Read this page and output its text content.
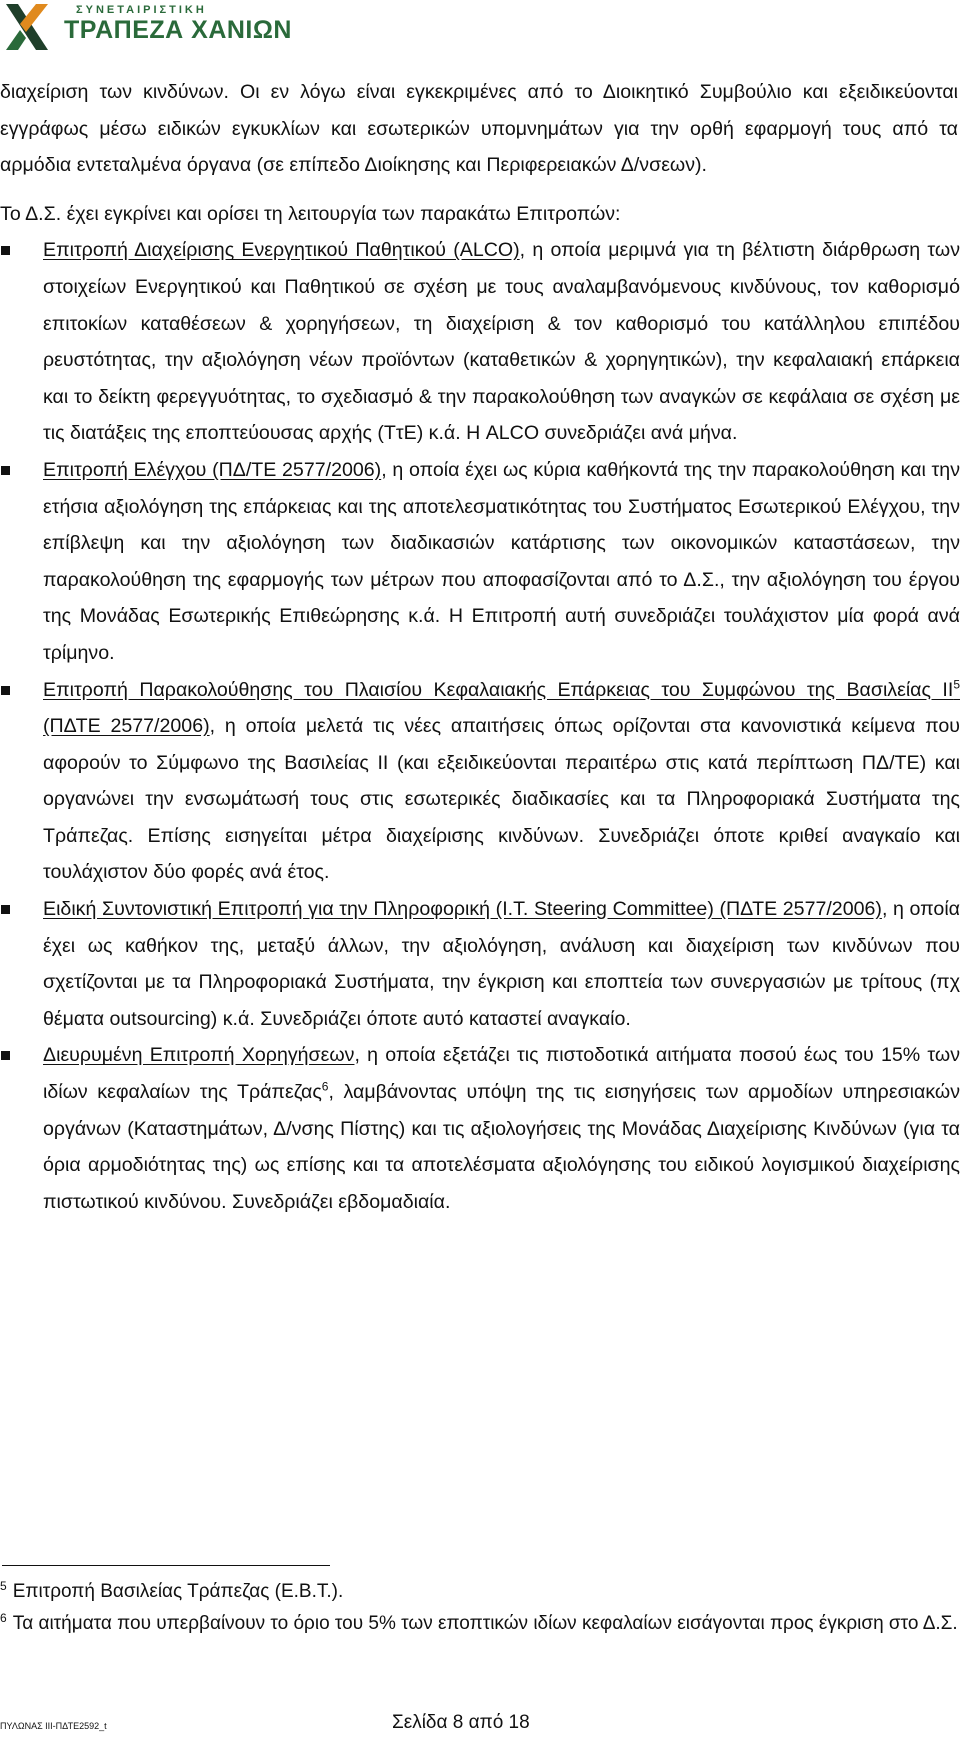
ΣΥΝΕΤΑΙΡΙΣΤΙΚΗ
ΤΡΑΠΕΖΑ ΧΑΝΙΩΝ

διαχείριση των κινδύνων. Οι εν λόγω είναι εγκεκριμένες από το Διοικητικό Συμβούλιο και εξειδικεύονται εγγράφως μέσω ειδικών εγκυκλίων και εσωτερικών υπομνημάτων για την ορθή εφαρμογή τους από τα αρμόδια εντεταλμένα όργανα (σε επίπεδο Διοίκησης και Περιφερειακών Δ/νσεων).

Το Δ.Σ. έχει εγκρίνει και ορίσει τη λειτουργία των παρακάτω Επιτροπών:

Επιτροπή Διαχείρισης Ενεργητικού Παθητικού (ALCO), η οποία μεριμνά για τη βέλτιστη διάρθρωση των στοιχείων Ενεργητικού και Παθητικού σε σχέση με τους αναλαμβανόμενους κινδύνους, τον καθορισμό επιτοκίων καταθέσεων & χορηγήσεων, τη διαχείριση & τον καθορισμό του κατάλληλου επιπέδου ρευστότητας, την αξιολόγηση νέων προϊόντων (καταθετικών & χορηγητικών), την κεφαλαιακή επάρκεια και το δείκτη φερεγγυότητας, το σχεδιασμό & την παρακολούθηση των αναγκών σε κεφάλαια σε σχέση με τις διατάξεις της εποπτεύουσας αρχής (ΤτΕ) κ.ά. Η ALCO συνεδριάζει ανά μήνα.
Επιτροπή Ελέγχου (ΠΔ/ΤΕ 2577/2006), η οποία έχει ως κύρια καθήκοντά της την παρακολούθηση και την ετήσια αξιολόγηση της επάρκειας και της αποτελεσματικότητας του Συστήματος Εσωτερικού Ελέγχου, την επίβλεψη και την αξιολόγηση των διαδικασιών κατάρτισης των οικονομικών καταστάσεων, την παρακολούθηση της εφαρμογής των μέτρων που αποφασίζονται από το Δ.Σ., την αξιολόγηση του έργου της Μονάδας Εσωτερικής Επιθεώρησης κ.ά. Η Επιτροπή αυτή συνεδριάζει τουλάχιστον μία φορά ανά τρίμηνο.
Επιτροπή Παρακολούθησης του Πλαισίου Κεφαλαιακής Επάρκειας του Συμφώνου της Βασιλείας $II^5$ (ΠΔΤΕ 2577/2006), η οποία μελετά τις νέες απαιτήσεις όπως ορίζονται στα κανονιστικά κείμενα που αφορούν το Σύμφωνο της Βασιλείας ΙΙ (και εξειδικεύονται περαιτέρω στις κατά περίπτωση ΠΔ/ΤΕ) και οργανώνει την ενσωμάτωσή τους στις εσωτερικές διαδικασίες και τα Πληροφοριακά Συστήματα της Τράπεζας. Επίσης εισηγείται μέτρα διαχείρισης κινδύνων. Συνεδριάζει όποτε κριθεί αναγκαίο και τουλάχιστον δύο φορές ανά έτος.
Ειδική Συντονιστική Επιτροπή για την Πληροφορική (I.T. Steering Committee) (ΠΔΤΕ 2577/2006), η οποία έχει ως καθήκον της, μεταξύ άλλων, την αξιολόγηση, ανάλυση και διαχείριση των κινδύνων που σχετίζονται με τα Πληροφοριακά Συστήματα, την έγκριση και εποπτεία των συνεργασιών με τρίτους (πχ θέματα outsourcing) κ.ά. Συνεδριάζει όποτε αυτό καταστεί αναγκαίο.
Διευρυμένη Επιτροπή Χορηγήσεων, η οποία εξετάζει τις πιστοδοτικά αιτήματα ποσού έως του 15% των ιδίων κεφαλαίων της Τράπεζας$^6$, λαμβάνοντας υπόψη της τις εισηγήσεις των αρμοδίων υπηρεσιακών οργάνων (Καταστημάτων, Δ/νσης Πίστης) και τις αξιολογήσεις της Μονάδας Διαχείρισης Κινδύνων (για τα όρια αρμοδιότητας της) ως επίσης και τα αποτελέσματα αξιολόγησης του ειδικού λογισμικού διαχείρισης πιστωτικού κινδύνου. Συνεδριάζει εβδομαδιαία.

$^5$ Επιτροπή Βασιλείας Τράπεζας (Ε.Β.Τ.).

$^6$ Τα αιτήματα που υπερβαίνουν το όριο του 5% των εποπτικών ιδίων κεφαλαίων εισάγονται προς έγκριση στο Δ.Σ.

ΠΥΛΩΝΑΣ ΙΙΙ-ΠΔΤΕ2592_t	Σελίδα 8 από 18
